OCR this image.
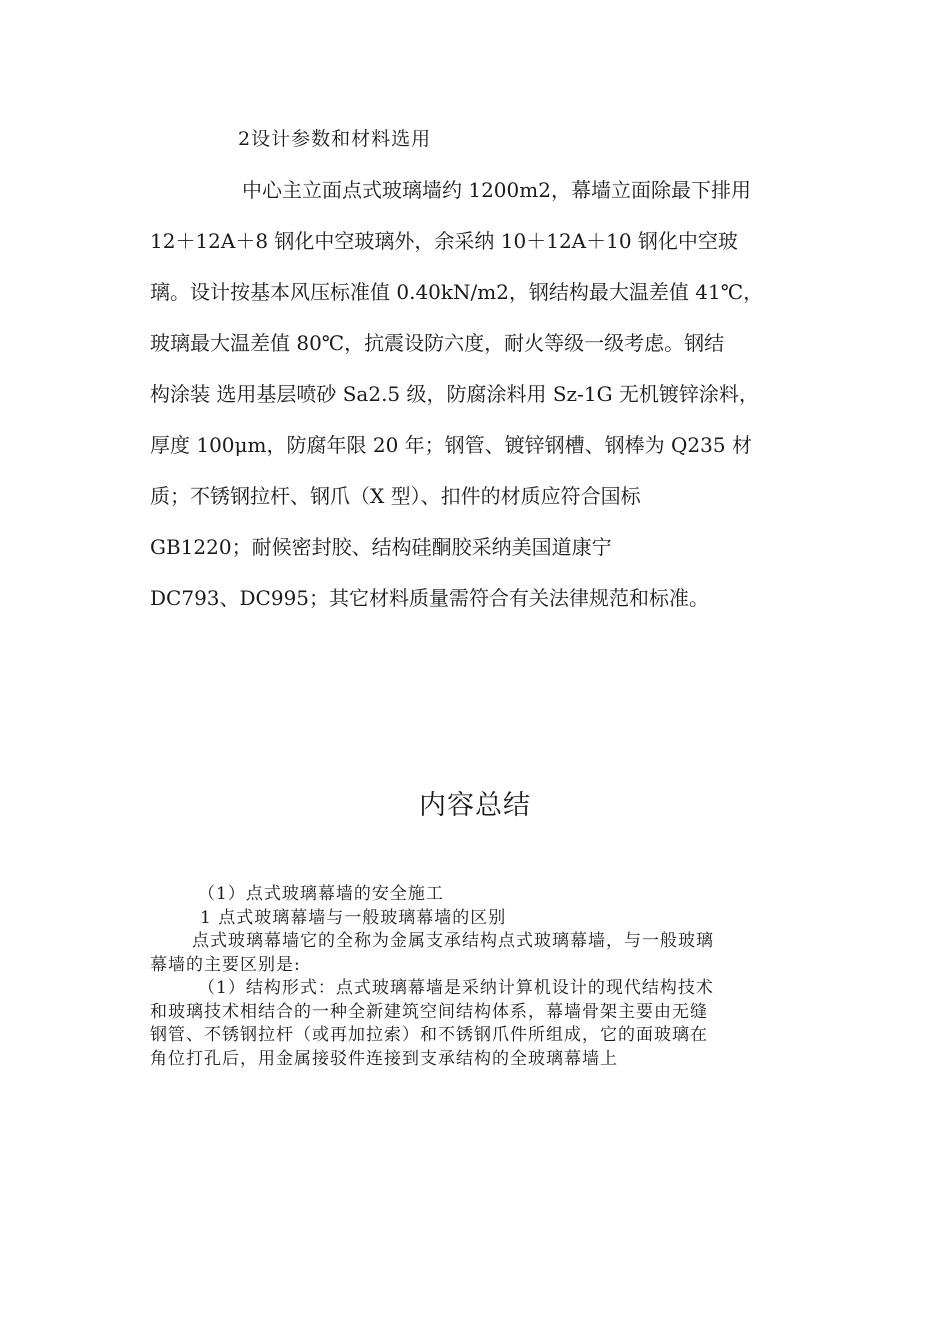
2设计参数和材料选用
中心主立面点式玻璃墙约 1200m2，幕墙立面除最下排用
12＋12A＋8 钢化中空玻璃外，余采纳 10＋12A＋10 钢化中空玻
璃。设计按基本风压标准值 0.40kN/m2，钢结构最大温差值 41℃，
玻璃最大温差值 80℃，抗震设防六度，耐火等级一级考虑。钢结
构涂装 选用基层喷砂 Sa2.5 级，防腐涂料用 Sz-1G 无机镀锌涂料，
厚度 100μm，防腐年限 20 年；钢管、镀锌钢槽、钢棒为 Q235 材
质；不锈钢拉杆、钢爪（X 型）、扣件的材质应符合国标
GB1220；耐候密封胶、结构硅酮胶采纳美国道康宁
DC793、DC995；其它材料质量需符合有关法律规范和标准。
内容总结
（1）点式玻璃幕墙的安全施工
1 点式玻璃幕墙与一般玻璃幕墙的区别
点式玻璃幕墙它的全称为金属支承结构点式玻璃幕墙，与一般玻璃
幕墙的主要区别是:
（1）结构形式：点式玻璃幕墙是采纳计算机设计的现代结构技术
和玻璃技术相结合的一种全新建筑空间结构体系，幕墙骨架主要由无缝
钢管、不锈钢拉杆（或再加拉索）和不锈钢爪件所组成，它的面玻璃在
角位打孔后，用金属接驳件连接到支承结构的全玻璃幕墙上
